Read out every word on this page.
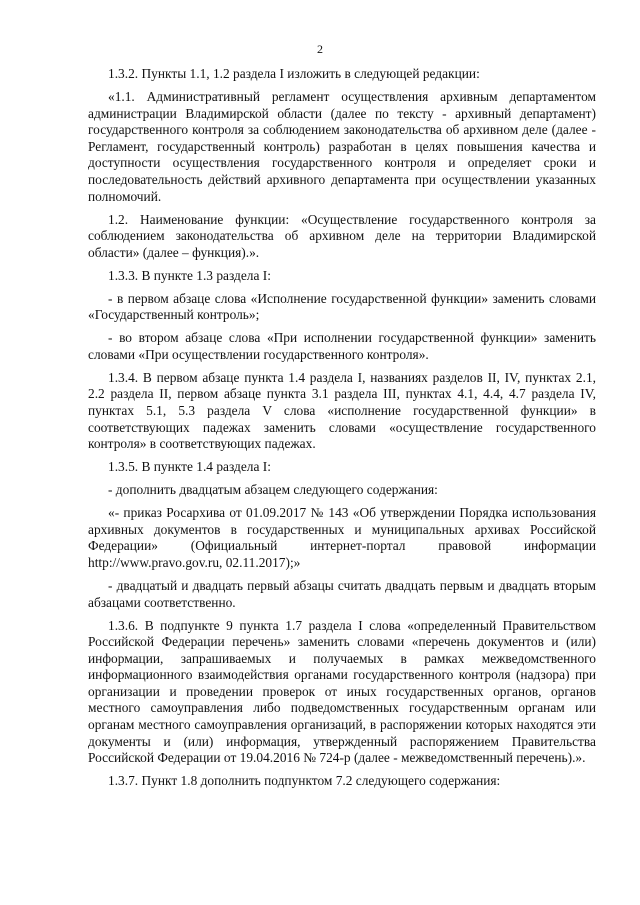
2

1.3.2. Пункты 1.1, 1.2 раздела I изложить в следующей редакции:

«1.1. Административный регламент осуществления архивным департаментом администрации Владимирской области (далее по тексту - архивный департамент) государственного контроля за соблюдением законодательства об архивном деле (далее - Регламент, государственный контроль) разработан в целях повышения качества и доступности осуществления государственного контроля и определяет сроки и последовательность действий архивного департамента при осуществлении указанных полномочий.

1.2. Наименование функции: «Осуществление государственного контроля за соблюдением законодательства об архивном деле на территории Владимирской области» (далее – функция).».

1.3.3. В пункте 1.3 раздела I:

- в первом абзаце слова «Исполнение государственной функции» заменить словами «Государственный контроль»;

- во втором абзаце слова «При исполнении государственной функции» заменить словами «При осуществлении государственного контроля».

1.3.4. В первом абзаце пункта 1.4 раздела I, названиях разделов II, IV, пунктах 2.1, 2.2 раздела II, первом абзаце пункта 3.1 раздела III, пунктах 4.1, 4.4, 4.7 раздела IV, пунктах 5.1, 5.3 раздела V слова «исполнение государственной функции» в соответствующих падежах заменить словами «осуществление государственного контроля» в соответствующих падежах.

1.3.5. В пункте 1.4 раздела I:

- дополнить двадцатым абзацем следующего содержания:

«- приказ Росархива от 01.09.2017 № 143 «Об утверждении Порядка использования архивных документов в государственных и муниципальных архивах Российской Федерации» (Официальный интернет-портал правовой информации http://www.pravo.gov.ru, 02.11.2017);»

- двадцатый и двадцать первый абзацы считать двадцать первым и двадцать вторым абзацами соответственно.

1.3.6. В подпункте 9 пункта 1.7 раздела I слова «определенный Правительством Российской Федерации перечень» заменить словами «перечень документов и (или) информации, запрашиваемых и получаемых в рамках межведомственного информационного взаимодействия органами государственного контроля (надзора) при организации и проведении проверок от иных государственных органов, органов местного самоуправления либо подведомственных государственным органам или органам местного самоуправления организаций, в распоряжении которых находятся эти документы и (или) информация, утвержденный распоряжением Правительства Российской Федерации от 19.04.2016 № 724-р (далее - межведомственный перечень).».

1.3.7. Пункт 1.8 дополнить подпунктом 7.2 следующего содержания:
